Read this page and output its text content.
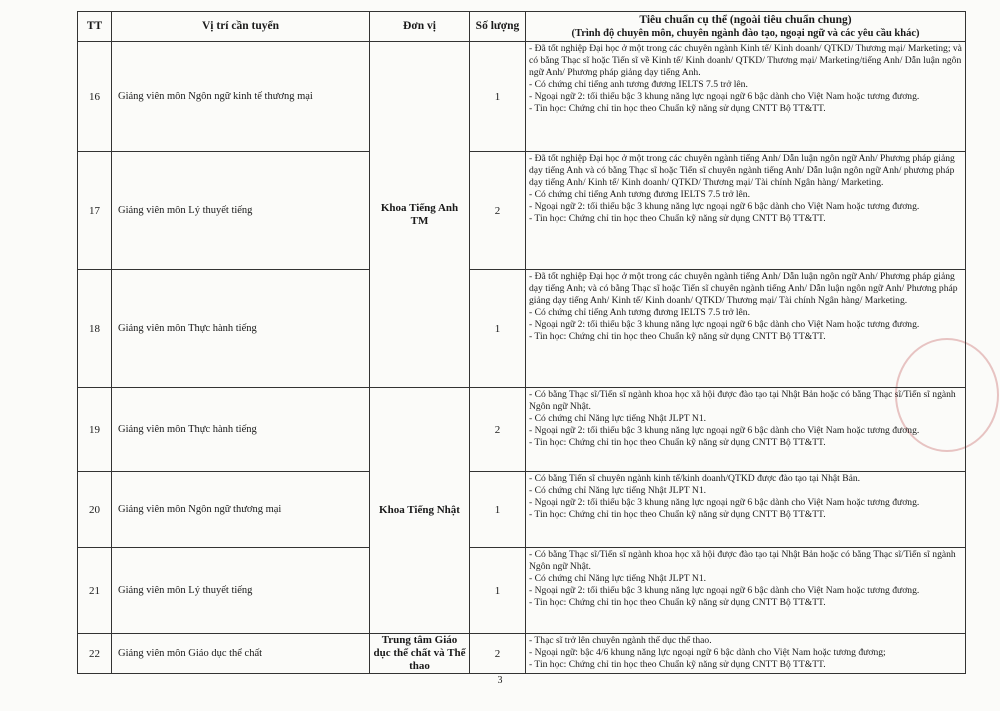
TT	Vị trí cần tuyển	Đơn vị	Số lượng	Tiêu chuẩn cụ thể (ngoài tiêu chuẩn chung)
(Trình độ chuyên môn, chuyên ngành đào tạo, ngoại ngữ và các yêu cầu khác)

16	Giảng viên môn Ngôn ngữ kinh tế thương mại	Khoa Tiếng Anh TM	1	- Đã tốt nghiệp Đại học ở một trong các chuyên ngành Kinh tế/ Kinh doanh/ QTKD/ Thương mại/ Marketing; và có bằng Thạc sĩ hoặc Tiến sĩ về Kinh tế/ Kinh doanh/ QTKD/ Thương mại/ Marketing/tiếng Anh/ Dẫn luận ngôn ngữ Anh/ Phương pháp giảng dạy tiếng Anh.
- Có chứng chỉ tiếng anh tương đương IELTS 7.5 trở lên.
- Ngoại ngữ 2: tối thiểu bậc 3 khung năng lực ngoại ngữ 6 bậc dành cho Việt Nam hoặc tương đương.
- Tin học: Chứng chỉ tin học theo Chuẩn kỹ năng sử dụng CNTT Bộ TT&TT.

17	Giảng viên môn Lý thuyết tiếng		2	- Đã tốt nghiệp Đại học ở một trong các chuyên ngành tiếng Anh/ Dẫn luận ngôn ngữ Anh/ Phương pháp giảng dạy tiếng Anh và có bằng Thạc sĩ hoặc Tiến sĩ chuyên ngành tiếng Anh/ Dẫn luận ngôn ngữ Anh/ phương pháp dạy tiếng Anh/ Kinh tế/ Kinh doanh/ QTKD/ Thương mại/ Tài chính Ngân hàng/ Marketing.
- Có chứng chỉ tiếng Anh tương đương IELTS 7.5 trở lên.
- Ngoại ngữ 2: tối thiểu bậc 3 khung năng lực ngoại ngữ 6 bậc dành cho Việt Nam hoặc tương đương.
- Tin học: Chứng chỉ tin học theo Chuẩn kỹ năng sử dụng CNTT Bộ TT&TT.

18	Giảng viên môn Thực hành tiếng		1	- Đã tốt nghiệp Đại học ở một trong các chuyên ngành tiếng Anh/ Dẫn luận ngôn ngữ Anh/ Phương pháp giảng dạy tiếng Anh; và có bằng Thạc sĩ hoặc Tiến sĩ chuyên ngành tiếng Anh/ Dẫn luận ngôn ngữ Anh/ Phương pháp giảng dạy tiếng Anh/ Kinh tế/ Kinh doanh/ QTKD/ Thương mại/ Tài chính Ngân hàng/ Marketing.
- Có chứng chỉ tiếng Anh tương đương IELTS 7.5 trở lên.
- Ngoại ngữ 2: tối thiểu bậc 3 khung năng lực ngoại ngữ 6 bậc dành cho Việt Nam hoặc tương đương.
- Tin học: Chứng chỉ tin học theo Chuẩn kỹ năng sử dụng CNTT Bộ TT&TT.

19	Giảng viên môn Thực hành tiếng	Khoa Tiếng Nhật	2	- Có bằng Thạc sĩ/Tiến sĩ ngành khoa học xã hội được đào tạo tại Nhật Bản hoặc có bằng Thạc sĩ/Tiến sĩ ngành Ngôn ngữ Nhật.
- Có chứng chỉ Năng lực tiếng Nhật JLPT N1.
- Ngoại ngữ 2: tối thiểu bậc 3 khung năng lực ngoại ngữ 6 bậc dành cho Việt Nam hoặc tương đương.
- Tin học: Chứng chỉ tin học theo Chuẩn kỹ năng sử dụng CNTT Bộ TT&TT.

20	Giảng viên môn Ngôn ngữ thương mại		1	- Có bằng Tiến sĩ chuyên ngành kinh tế/kinh doanh/QTKD được đào tạo tại Nhật Bản.
- Có chứng chỉ Năng lực tiếng Nhật JLPT N1.
- Ngoại ngữ 2: tối thiểu bậc 3 khung năng lực ngoại ngữ 6 bậc dành cho Việt Nam hoặc tương đương.
- Tin học: Chứng chỉ tin học theo Chuẩn kỹ năng sử dụng CNTT Bộ TT&TT.

21	Giảng viên môn Lý thuyết tiếng		1	- Có bằng Thạc sĩ/Tiến sĩ ngành khoa học xã hội được đào tạo tại Nhật Bản hoặc có bằng Thạc sĩ/Tiến sĩ ngành Ngôn ngữ Nhật.
- Có chứng chỉ Năng lực tiếng Nhật JLPT N1.
- Ngoại ngữ 2: tối thiểu bậc 3 khung năng lực ngoại ngữ 6 bậc dành cho Việt Nam hoặc tương đương.
- Tin học: Chứng chỉ tin học theo Chuẩn kỹ năng sử dụng CNTT Bộ TT&TT.

22	Giảng viên môn Giáo dục thể chất	Trung tâm Giáo dục thể chất và Thể thao	2	- Thạc sĩ trở lên chuyên ngành thể dục thể thao.
- Ngoại ngữ: bậc 4/6 khung năng lực ngoại ngữ 6 bậc dành cho Việt Nam hoặc tương đương;
- Tin học: Chứng chỉ tin học theo Chuẩn kỹ năng sử dụng CNTT Bộ TT&TT.
3
